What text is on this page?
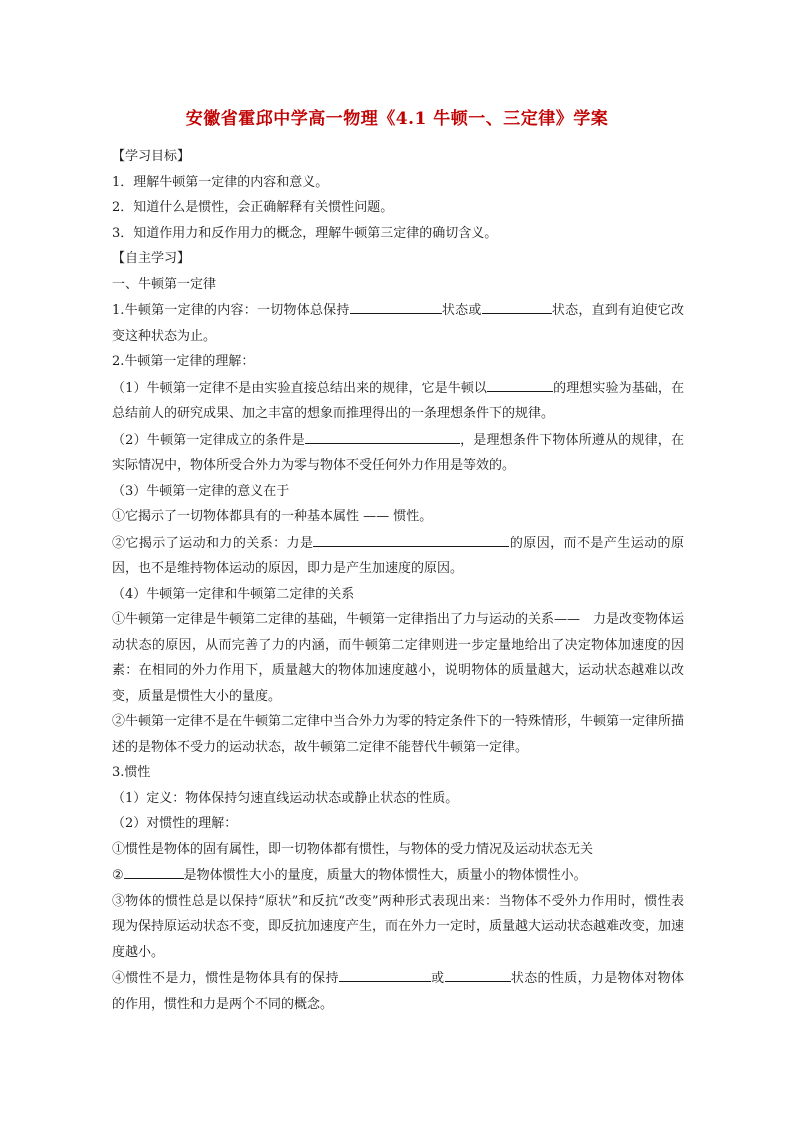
安徽省霍邱中学高一物理《4.1 牛顿一、三定律》学案

【学习目标】

1．理解牛顿第一定律的内容和意义。

2．知道什么是惯性，会正确解释有关惯性问题。

3．知道作用力和反作用力的概念，理解牛顿第三定律的确切含义。

【自主学习】

一、牛顿第一定律

1.牛顿第一定律的内容：一切物体总保持	状态或	状态，直到有迫使它改变这种状态为止。

2.牛顿第一定律的理解：

（1）牛顿第一定律不是由实验直接总结出来的规律，它是牛顿以	的理想实验为基础，在总结前人的研究成果、加之丰富的想象而推理得出的一条理想条件下的规律。

（2）牛顿第一定律成立的条件是	，是理想条件下物体所遵从的规律，在实际情况中，物体所受合外力为零与物体不受任何外力作用是等效的。

（3）牛顿第一定律的意义在于

①它揭示了一切物体都具有的一种基本属性 —— 惯性。

②它揭示了运动和力的关系：力是	的原因，而不是产生运动的原因，也不是维持物体运动的原因，即力是产生加速度的原因。

（4）牛顿第一定律和牛顿第二定律的关系

①牛顿第一定律是牛顿第二定律的基础，牛顿第一定律指出了力与运动的关系——　力是改变物体运动状态的原因，从而完善了力的内涵，而牛顿第二定律则进一步定量地给出了决定物体加速度的因素：在相同的外力作用下，质量越大的物体加速度越小，说明物体的质量越大，运动状态越难以改变，质量是惯性大小的量度。

②牛顿第一定律不是在牛顿第二定律中当合外力为零的特定条件下的一特殊情形，牛顿第一定律所描述的是物体不受力的运动状态，故牛顿第二定律不能替代牛顿第一定律。

3.惯性

（1）定义：物体保持匀速直线运动状态或静止状态的性质。

（2）对惯性的理解：

①惯性是物体的固有属性，即一切物体都有惯性，与物体的受力情况及运动状态无关

②	是物体惯性大小的量度，质量大的物体惯性大，质量小的物体惯性小。

③物体的惯性总是以保持“原状”和反抗“改变”两种形式表现出来：当物体不受外力作用时，惯性表现为保持原运动状态不变，即反抗加速度产生，而在外力一定时，质量越大运动状态越难改变，加速度越小。

④惯性不是力，惯性是物体具有的保持	或	状态的性质，力是物体对物体的作用，惯性和力是两个不同的概念。
